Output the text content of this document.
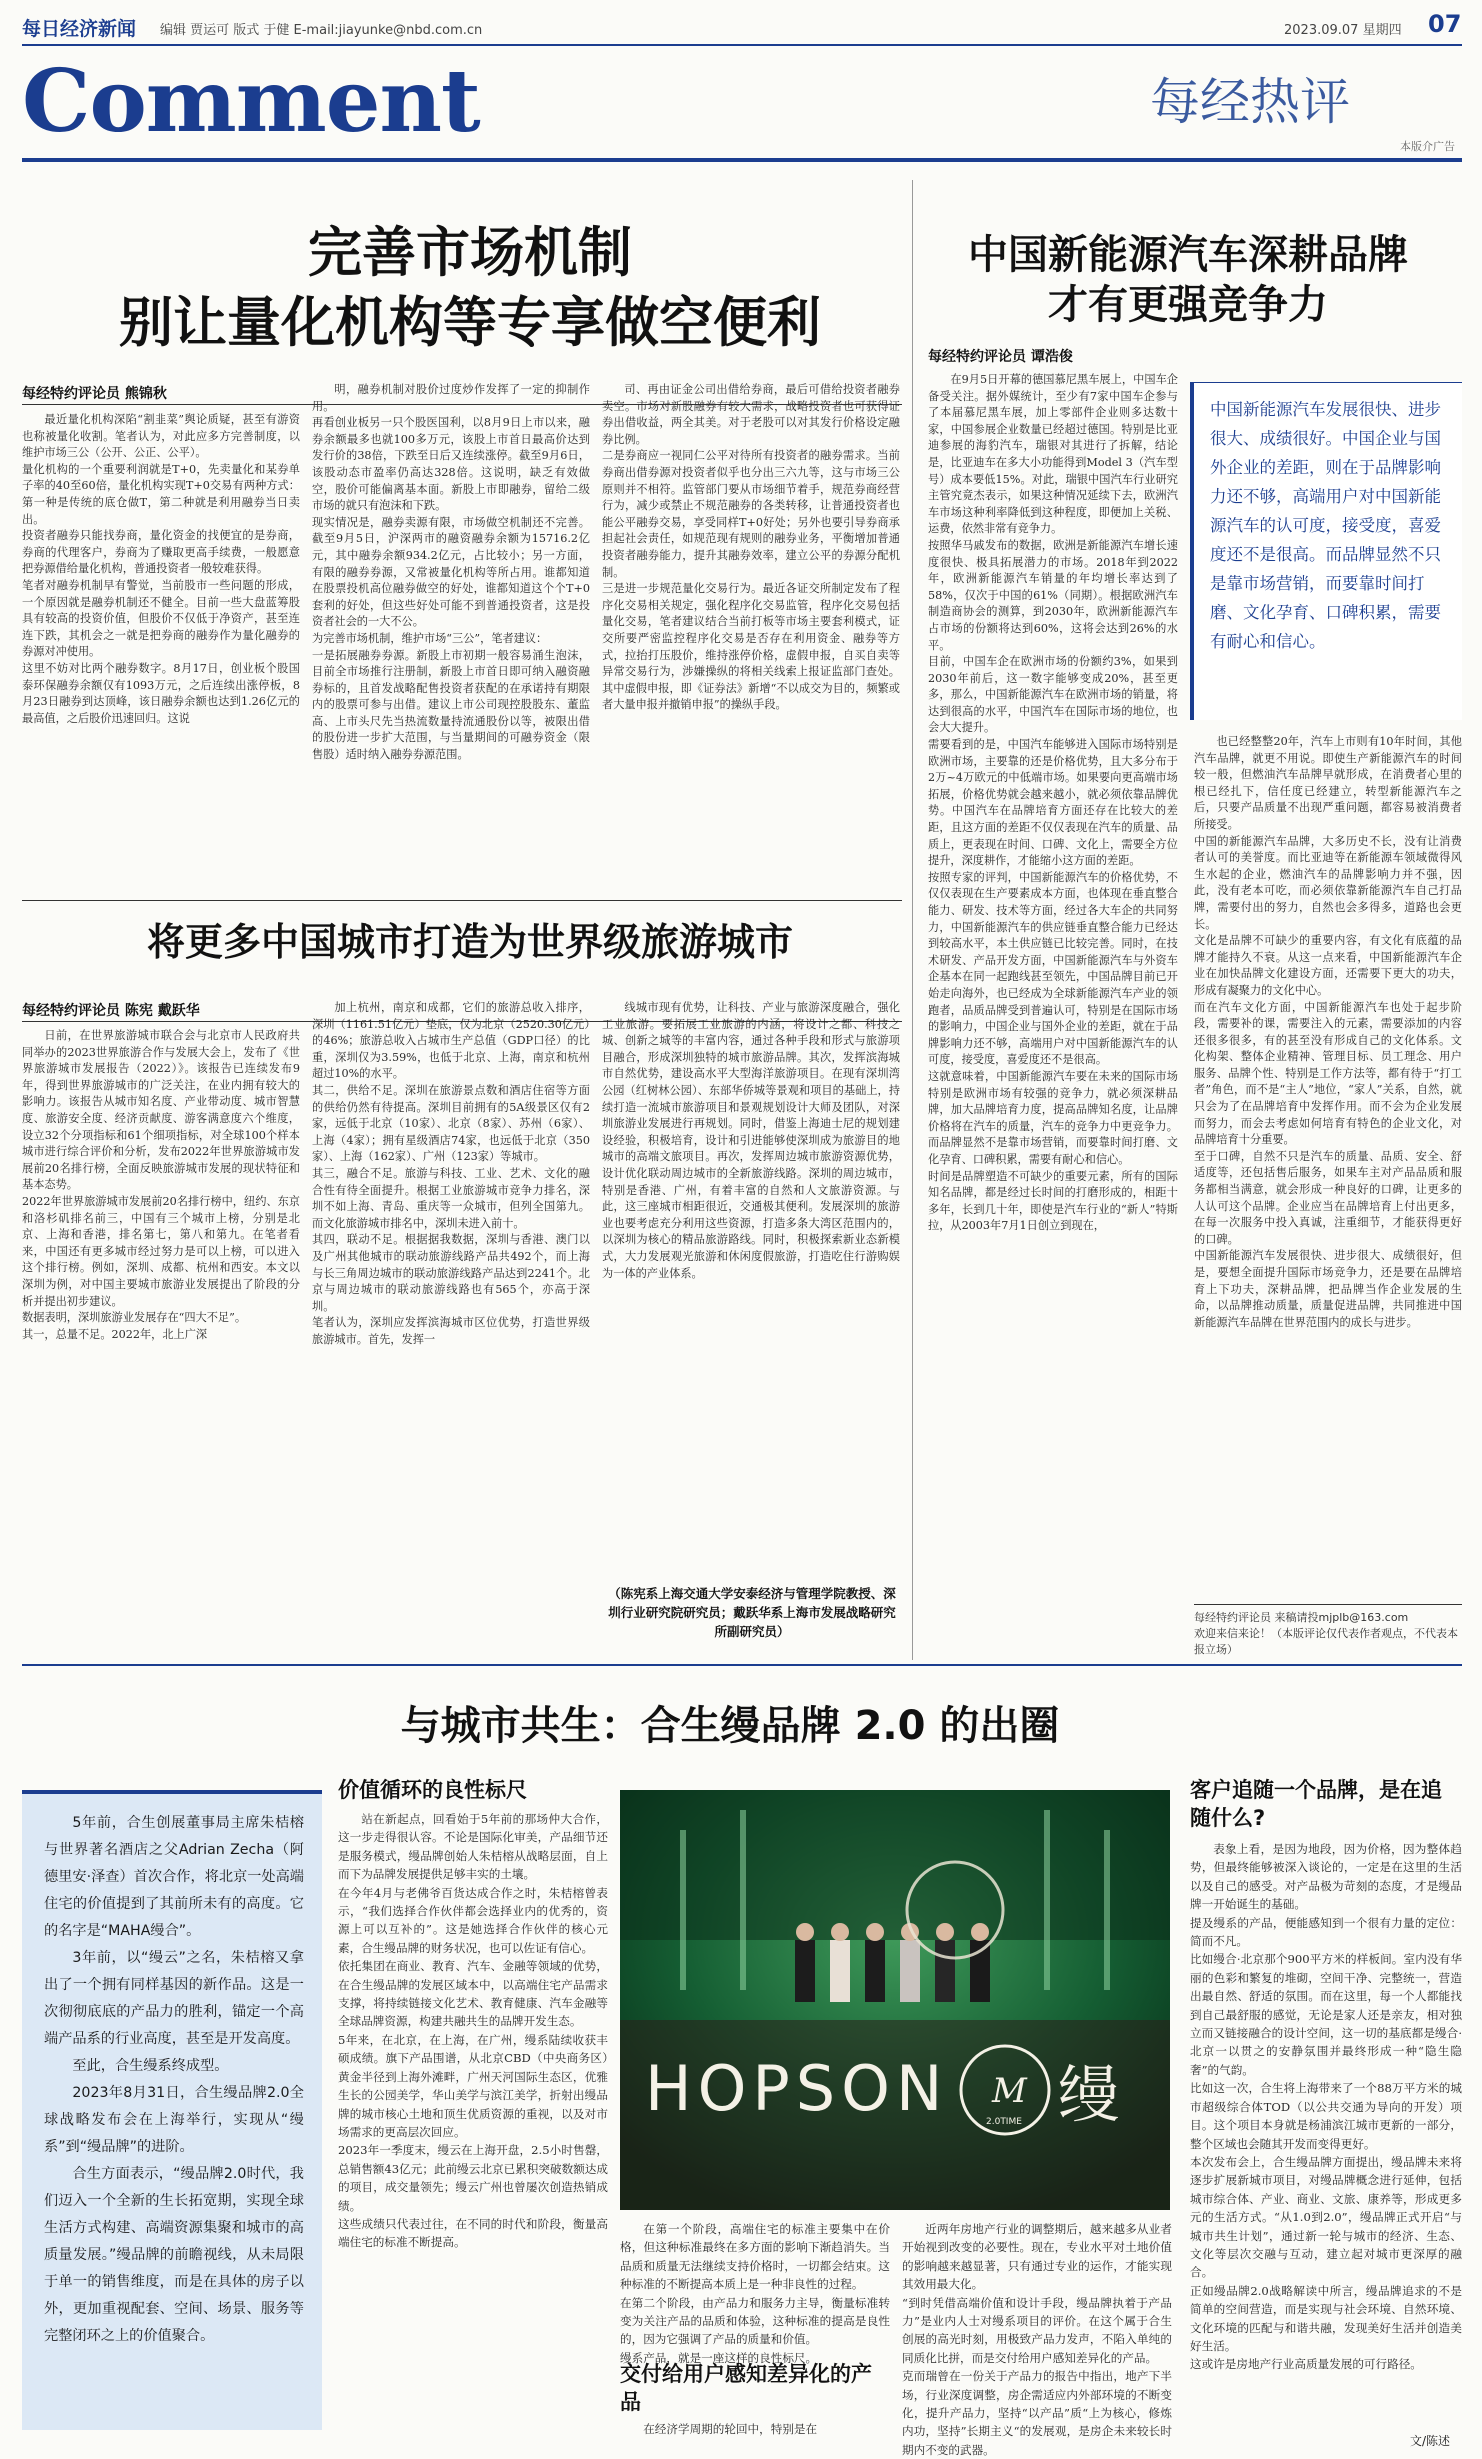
每日经济新闻 编辑 贾运可 版式 于健 E-mail:jiayunke@nbd.com.cn	2023.09.07 星期四 07
Comment	每经热评
本版介广告
完善市场机制
别让量化机构等专享做空便利
每经特约评论员 熊锦秋
最近量化机构深陷“割韭菜”舆论质疑，甚至有游资也称被量化收割。笔者认为，对此应多方完善制度，以维护市场三公（公开、公正、公平）。
量化机构的一个重要利润就是T+0，先卖量化和某券单子率的40至60倍，量化机构实现T+0交易有两种方式：第一种是传统的底仓做T，第二种就是利用融券当日卖出。
投资者融券只能找券商，量化资金的找便宜的是券商，券商的代理客户，券商为了赚取更高手续费，一般愿意把券源借给量化机构，普通投资者一般较难获得。
笔者对融券机制早有警觉，当前股市一些问题的形成，一个原因就是融券机制还不健全。目前一些大盘蓝筹股具有较高的投资价值，但股价不仅低于净资产，甚至连连下跌，其机会之一就是把券商的融券作为量化融券的券源对冲使用。
这里不妨对比两个融券数字。8月17日，创业板个股国泰环保融券余额仅有1093万元，之后连续出涨停板，8月23日融券到达顶峰，该日融券余额也达到1.26亿元的最高值，之后股价迅速回归。这说
明，融券机制对股价过度炒作发挥了一定的抑制作用。
再看创业板另一只个股医国利，以8月9日上市以来，融券余额最多也就100多万元，该股上市首日最高价达到发行价的38倍，下跌至日后又连续涨停。截至9月6日，该股动态市盈率仍高达328倍。这说明，缺乏有效做空，股价可能偏离基本面。新股上市即融券，留给二级市场的就只有泡沫和下跌。
现实情况是，融券卖源有限，市场做空机制还不完善。截至9月5日，沪深两市的融资融券余额为15716.2亿元，其中融券余额934.2亿元，占比较小；另一方面，有限的融券券源，又常被量化机构等所占用。谁都知道在股票投机高位融券做空的好处，谁都知道这个个T+0套利的好处，但这些好处可能不到普通投资者，这是投资者社会的一大不公。
为完善市场机制，维护市场“三公”，笔者建议：
一是拓展融券券源。新股上市初期一般容易涌生泡沫，目前全市场推行注册制，新股上市首日即可纳入融资融券标的，且首发战略配售投资者获配的在承诺持有期限内的股票可参与出借。建议上市公司现控股股东、董监高、上市头尺先当热流数量持流通股份以等，被限出借的股份进一步扩大范围，与当量期间的可融券资金（限售股）适时纳入融券券源范围。
司、再由证金公司出借给券商，最后可借给投资者融券卖空。市场对新股融券有较大需求，战略投资者也可获得证券出借收益，两全其美。对于老股可以对其发行价格设定融券比例。
二是券商应一视同仁公平对待所有投资者的融券需求。当前券商出借券源对投资者似乎也分出三六九等，这与市场三公原则并不相符。监管部门要从市场细节着手，规范券商经营行为，减少或禁止不规范融券的各类转移，让普通投资者也能公平融券交易，享受同样T+0好处；另外也要引导券商承担起社会责任，如规范现有规则的融券业务，平衡增加普通投资者融券能力，提升其融券效率，建立公平的券源分配机制。
三是进一步规范量化交易行为。最近各证交所制定发布了程序化交易相关规定，强化程序化交易监管，程序化交易包括量化交易，笔者建议结合当前打板等市场主要套利模式，证交所要严密监控程序化交易是否存在利用资金、融券等方式，拉抬打压股价，维持涨停价格，虚假申报，自买自卖等异常交易行为，涉嫌操纵的将相关线索上报证监部门查处。其中虚假申报，即《证券法》新增“不以成交为目的，频繁或者大量申报并撤销申报”的操纵手段。
将更多中国城市打造为世界级旅游城市
每经特约评论员 陈宪 戴跃华
日前，在世界旅游城市联合会与北京市人民政府共同举办的2023世界旅游合作与发展大会上，发布了《世界旅游城市发展报告（2022）》。该报告已连续发布9年，得到世界旅游城市的广泛关注，在业内拥有较大的影响力。该报告从城市知名度、产业带动度、城市智慧度、旅游安全度、经济贡献度、游客满意度六个维度，设立32个分项指标和61个细项指标，对全球100个样本城市进行综合评价和分析，发布2022年世界旅游城市发展前20名排行榜，全面反映旅游城市发展的现状特征和基本态势。
2022年世界旅游城市发展前20名排行榜中，纽约、东京和洛杉矶排名前三，中国有三个城市上榜，分别是北京、上海和香港，排名第七，第八和第九。在笔者看来，中国还有更多城市经过努力是可以上榜，可以进入这个排行榜。例如，深圳、成都、杭州和西安。本文以深圳为例，对中国主要城市旅游业发展提出了阶段的分析并提出初步建议。
数据表明，深圳旅游业发展存在“四大不足”。
其一，总量不足。2022年，北上广深
加上杭州，南京和成都，它们的旅游总收入排序，深圳（1161.51亿元）垫底，仅为北京（2520.30亿元）的46%；旅游总收入占城市生产总值（GDP口径）的比重，深圳仅为3.59%，也低于北京、上海，南京和杭州超过10%的水平。
其二，供给不足。深圳在旅游景点数和酒店住宿等方面的供给仍然有待提高。深圳目前拥有的5A级景区仅有2家，远低于北京（10家）、北京（8家）、苏州（6家）、上海（4家）；拥有星级酒店74家，也远低于北京（350家）、上海（162家）、广州（123家）等城市。
其三，融合不足。旅游与科技、工业、艺术、文化的融合性有待全面提升。根据工业旅游城市竞争力排名，深圳不如上海、青岛、重庆等一众城市，但列全国第九。而文化旅游城市排名中，深圳未进入前十。
其四，联动不足。根据据我数据，深圳与香港、澳门以及广州其他城市的联动旅游线路产品共492个，而上海与长三角周边城市的联动旅游线路产品达到2241个。北京与周边城市的联动旅游线路也有565个，亦高于深圳。
笔者认为，深圳应发挥滨海城市区位优势，打造世界级旅游城市。首先，发挥一
线城市现有优势，让科技、产业与旅游深度融合，强化工业旅游。要拓展工业旅游的内涵，将设计之都、科技之城、创新之城等的丰富内容，通过各种手段和形式与旅游项目融合，形成深圳独特的城市旅游品牌。其次，发挥滨海城市自然优势，建设高水平大型海洋旅游项目。在现有深圳湾公园（红树林公园）、东部华侨城等景观和项目的基础上，持续打造一流城市旅游项目和景观规划设计大师及团队，对深圳旅游业发展进行再规划。同时，借鉴上海迪士尼的规划建设经验，积极培育，设计和引进能够使深圳成为旅游目的地城市的高端文旅项目。再次，发挥周边城市旅游资源优势，设计优化联动周边城市的全新旅游线路。深圳的周边城市，特别是香港、广州，有着丰富的自然和人文旅游资源。与此，这三座城市相距很近，交通极其便利。发展深圳的旅游业也要考虑充分利用这些资源，打造多条大湾区范围内的，以深圳为核心的精品旅游路线。同时，积极探索新业态新模式，大力发展观光旅游和休闲度假旅游，打造吃住行游购娱为一体的产业体系。
（陈宪系上海交通大学安泰经济与管理学院教授、深圳行业研究院研究员；戴跃华系上海市发展战略研究所副研究员）
中国新能源汽车深耕品牌
才有更强竞争力
每经特约评论员 谭浩俊
在9月5日开幕的德国慕尼黑车展上，中国车企备受关注。据外媒统计，至少有7家中国车企参与了本届慕尼黑车展，加上零部件企业则多达数十家，中国参展企业数量已经超过德国。特别是比亚迪参展的海豹汽车，瑞银对其进行了拆解，结论是，比亚迪车在多大小功能得到Model 3（汽车型号）成本要低15%。对此，瑞银中国汽车行业研究主管究竟杰表示，如果这种情况延续下去，欧洲汽车市场这种利率降低到这种程度，即便加上关税、运费，依然非常有竞争力。
按照华马戚发布的数据，欧洲是新能源汽车增长速度很快、极具拓展潜力的市场。2018年到2022年，欧洲新能源汽车销量的年均增长率达到了58%，仅次于中国的61%（同期）。根据欧洲汽车制造商协会的测算，到2030年，欧洲新能源汽车占市场的份额将达到60%，这将会达到26%的水平。
目前，中国车企在欧洲市场的份额约3%，如果到2030年前后，这一数字能够变成20%，甚至更多，那么，中国新能源汽车在欧洲市场的销量，将达到很高的水平，中国汽车在国际市场的地位，也会大大提升。
需要看到的是，中国汽车能够进入国际市场特别是欧洲市场，主要靠的还是价格优势，且大多分布于2万~4万欧元的中低端市场。如果要向更高端市场拓展，价格优势就会越来越小，就必须依靠品牌优势。中国汽车在品牌培育方面还存在比较大的差距，且这方面的差距不仅仅表现在汽车的质量、品质上，更表现在时间、口碑、文化上，需要全方位提升，深度耕作，才能缩小这方面的差距。
按照专家的评判，中国新能源汽车的价格优势，不仅仅表现在生产要素成本方面，也体现在垂直整合能力、研发、技术等方面，经过各大车企的共同努力，中国新能源汽车的供应链垂直整合能力已经达到较高水平，本土供应链已比较完善。同时，在技术研发、产品开发方面，中国新能源汽车与外资车企基本在同一起跑线甚至领先，中国品牌目前已开始走向海外，也已经成为全球新能源汽车产业的领跑者，品质品牌受到普遍认可，特别是在国际市场的影响力，中国企业与国外企业的差距，就在于品牌影响力还不够，高端用户对中国新能源汽车的认可度，接受度，喜爱度还不是很高。
这就意味着，中国新能源汽车要在未来的国际市场特别是欧洲市场有较强的竞争力，就必须深耕品牌，加大品牌培育力度，提高品牌知名度，让品牌价格将在汽车的质量，汽车的竞争力中更竞争力。而品牌显然不是靠市场营销，而要靠时间打磨、文化孕育、口碑积累，需要有耐心和信心。
时间是品牌塑造不可缺少的重要元素，所有的国际知名品牌，都是经过长时间的打磨形成的，相距十多年，长到几十年，即使是汽车行业的“新人”特斯拉，从2003年7月1日创立到现在，
中国新能源汽车发展很快、进步很大、成绩很好。中国企业与国外企业的差距，则在于品牌影响力还不够，高端用户对中国新能源汽车的认可度，接受度，喜爱度还不是很高。而品牌显然不只是靠市场营销，而要靠时间打磨、文化孕育、口碑积累，需要有耐心和信心。
也已经整整20年，汽车上市则有10年时间，其他汽车品牌，就更不用说。即使生产新能源汽车的时间较一般，但燃油汽车品牌早就形成，在消费者心里的根已经扎下，信任度已经建立，转型新能源汽车之后，只要产品质量不出现严重问题，都容易被消费者所接受。
中国的新能源汽车品牌，大多历史不长，没有让消费者认可的美誉度。而比亚迪等在新能源车领域微得风生水起的企业，燃油汽车的品牌影响力并不强，因此，没有老本可吃，而必须依靠新能源汽车自己打品牌，需要付出的努力，自然也会多得多，道路也会更长。
文化是品牌不可缺少的重要内容，有文化有底蕴的品牌才能持久不衰。从这一点来看，中国新能源汽车企业在加快品牌文化建设方面，还需要下更大的功夫，形成有凝聚力的文化中心。
而在汽车文化方面，中国新能源汽车也处于起步阶段，需要补的课，需要注入的元素，需要添加的内容还很多很多，有的甚至没有形成自己的文化体系。文化构架、整体企业精神、管理目标、员工理念、用户服务、品牌个性、特别是工作方法等，都有待于“打工者”角色，而不是“主人”地位，“家人”关系，自然，就只会为了在品牌培育中发挥作用。而不会为企业发展而努力，而会去考虑如何培育有特色的企业文化，对品牌培育十分重要。
至于口碑，自然不只是汽车的质量、品质、安全、舒适度等，还包括售后服务，如果车主对产品品质和服务都相当满意，就会形成一种良好的口碑，让更多的人认可这个品牌。企业应当在品牌培育上付出更多，在每一次服务中投入真诚，注重细节，才能获得更好的口碑。
中国新能源汽车发展很快、进步很大、成绩很好，但是，要想全面提升国际市场竞争力，还是要在品牌培育上下功夫，深耕品牌，把品牌当作企业发展的生命，以品牌推动质量，质量促进品牌，共同推进中国新能源汽车品牌在世界范围内的成长与进步。
每经特约评论员 来稿请投mjplb@163.com
欢迎来信来论！（本版评论仅代表作者观点，不代表本报立场）
与城市共生：合生缦品牌 2.0 的出圈

5年前，合生创展董事局主席朱桔榕与世界著名酒店之父Adrian Zecha（阿德里安·泽查）首次合作，将北京一处高端住宅的价值提到了其前所未有的高度。它的名字是“MAHA缦合”。

3年前，以“缦云”之名，朱桔榕又拿出了一个拥有同样基因的新作品。这是一次彻彻底底的产品力的胜利，锚定一个高端产品系的行业高度，甚至是开发高度。

至此，合生缦系终成型。

2023年8月31日，合生缦品牌2.0全球战略发布会在上海举行，实现从“缦系”到“缦品牌”的进阶。

合生方面表示，“缦品牌2.0时代，我们迈入一个全新的生长拓宽期，实现全球生活方式构建、高端资源集聚和城市的高质量发展。”缦品牌的前瞻视线，从未局限于单一的销售维度，而是在具体的房子以外，更加重视配套、空间、场景、服务等完整闭环之上的价值聚合。

价值循环的良性标尺
站在新起点，回看始于5年前的那场仲大合作，这一步走得很认容。不论是国际化审美，产品细节还是服务模式，缦品牌创始人朱桔榕从战略层面，自上而下为品牌发展提供足够丰实的土壤。
在今年4月与老佛爷百货达成合作之时，朱桔榕曾表示，“我们选择合作伙伴都会选择业内的优秀的，资源上可以互补的”。这是她选择合作伙伴的核心元素，合生缦品牌的财务状况，也可以佐证有信心。
依托集团在商业、教育、汽车、金融等领域的优势，在合生缦品牌的发展区域本中，以高端住宅产品需求支撑，将持续链接文化艺术、教育健康、汽车金融等全球品牌资源，构建共融共生的品牌开发生态。
5年来，在北京，在上海，在广州，缦系陆续收获丰硕成绩。旗下产品围谱，从北京CBD（中央商务区）黄金半径到上海外滩畔，广州天河国际生态区，优雅生长的公园美学，华山美学与滨江美学，折射出缦品牌的城市核心土地和顶生优质资源的重视，以及对市场需求的更高层次回应。
2023年一季度末，缦云在上海开盘，2.5小时售罄，总销售额43亿元；此前缦云北京已累积突破数额达成的项目，成交量领先；缦云广州也曾屡次创造热销成绩。
这些成绩只代表过往，在不同的时代和阶段，衡量高端住宅的标准不断提高。
HOPSON M
2.0TIME 缦
在第一个阶段，高端住宅的标准主要集中在价格，但这种标准最终在多方面的影响下渐趋消失。当品质和质量无法继续支持价格时，一切都会结束。这种标准的不断提高本质上是一种非良性的过程。
在第二个阶段，由产品力和服务力主导，衡量标准转变为关注产品的品质和体验，这种标准的提高是良性的，因为它强调了产品的质量和价值。
缦系产品，就是一座这样的良性标尺。
交付给用户感知差异化的产品
在经济学周期的轮回中，特别是在
近两年房地产行业的调整期后，越来越多从业者开始视到改变的必要性。现在，专业水平对土地价值的影响越来越显著，只有通过专业的运作，才能实现其效用最大化。
“到时凭借高端价值和设计手段，缦品牌执着于产品力”是业内人士对缦系项目的评价。在这个属于合生创展的高光时刻，用极致产品力发声，不陷入单纯的同质化比拼，而是交付给用户感知差异化的产品。
克而瑞曾在一份关于产品力的报告中指出，地产下半场，行业深度调整，房企需适应内外部环境的不断变化，提升产品力，坚持“以产品”质“上为核心，修炼内功，坚持”长期主义“的发展观，是房企未来较长时期内不变的武器。
客户追随一个品牌，是在追随什么?
表象上看，是因为地段，因为价格，因为整体趋势，但最终能够被深入谈论的，一定是在这里的生活以及自己的感受。对产品极为苛刻的态度，才是缦品牌一开始诞生的基础。
提及缦系的产品，便能感知到一个很有力量的定位：简而不凡。
比如缦合·北京那个900平方米的样板间。室内没有华丽的色彩和繁复的堆砌，空间干净、完整统一，营造出最自然、舒适的氛围。而在这里，每一个人都能找到自己最舒服的感觉，无论是家人还是亲友，相对独立而又链接融合的设计空间，这一切的基底都是缦合·北京一以贯之的安静氛围并最终形成一种“隐生隐奢”的气韵。
比如这一次，合生将上海带来了一个88万平方米的城市超级综合体TOD（以公共交通为导向的开发）项目。这个项目本身就是杨浦滨江城市更新的一部分，整个区域也会随其开发而变得更好。
本次发布会上，合生缦品牌方面提出，缦品牌未来将逐步扩展新城市项目，对缦品牌概念进行延伸，包括城市综合体、产业、商业、文旅、康养等，形成更多元的生活方式。“从1.0到2.0”，缦品牌正式开启“与城市共生计划”，通过新一轮与城市的经济、生态、文化等层次交融与互动，建立起对城市更深厚的融合。
正如缦品牌2.0战略解读中所言，缦品牌追求的不是简单的空间营造，而是实现与社会环境、自然环境、文化环境的匹配与和谐共融，发现美好生活并创造美好生活。
这或许是房地产行业高质量发展的可行路径。
文/陈述
